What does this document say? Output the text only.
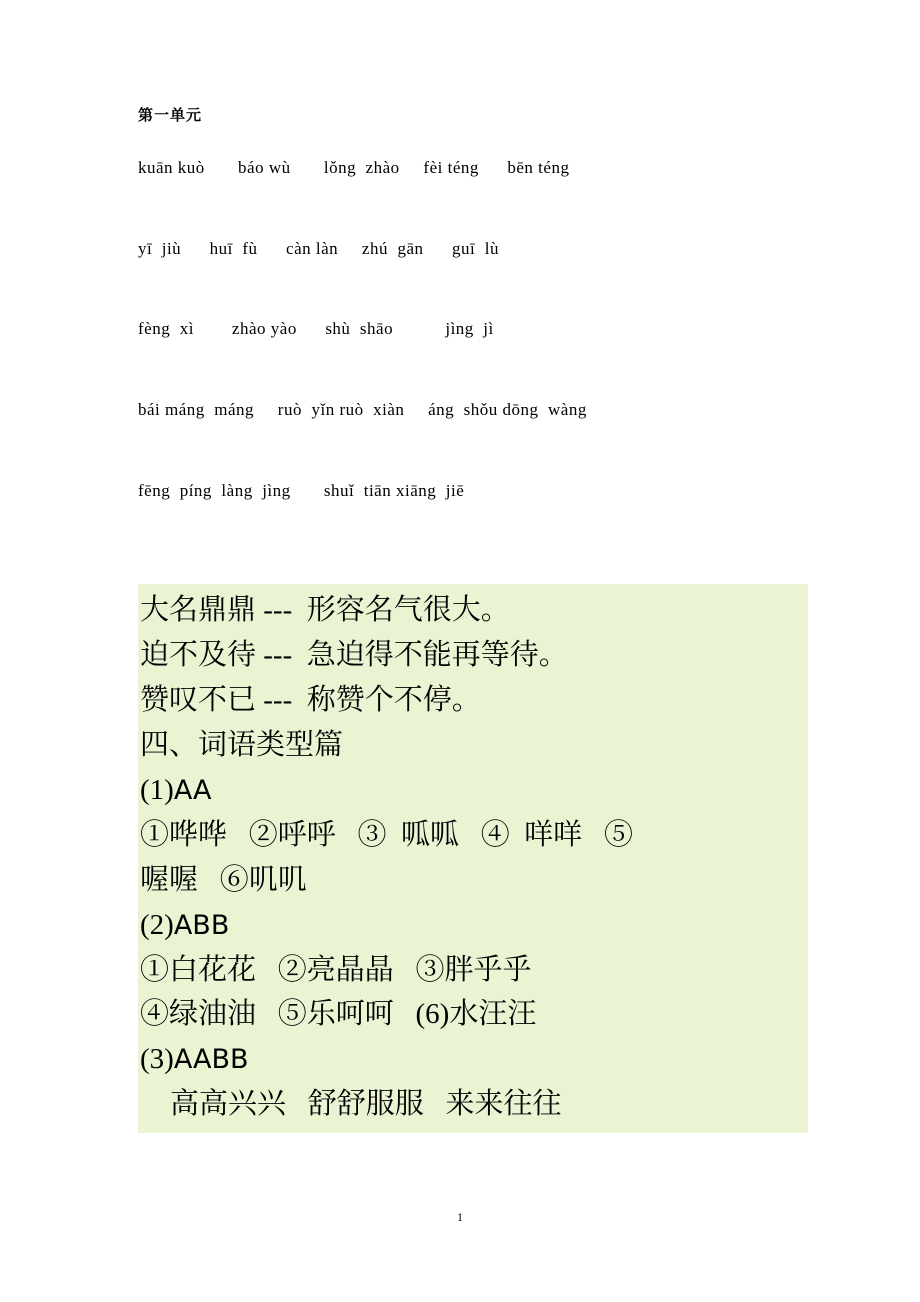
第一单元
kuān kuò       báo wù       lǒng  zhào     fèi téng      bēn téng
yī  jiù      huī  fù      càn làn     zhú  gān      guī  lù
fèng  xì        zhào yào      shù  shāo           jìng  jì
bái máng  máng     ruò  yǐn ruò  xiàn     áng  shǒu dōng  wàng
fēng  píng  làng  jìng       shuǐ  tiān xiāng  jiē
大名鼎鼎 ---  形容名气很大。
迫不及待 ---  急迫得不能再等待。
赞叹不已 ---  称赞个不停。
四、词语类型篇
(1)AA
①哗哗   ②呼呼   ③  呱呱   ④  咩咩   ⑤
喔喔   ⑥叽叽
(2)ABB
①白花花   ②亮晶晶   ③胖乎乎
④绿油油   ⑤乐呵呵   (6)水汪汪
(3)AABB
高高兴兴   舒舒服服   来来往往
1
